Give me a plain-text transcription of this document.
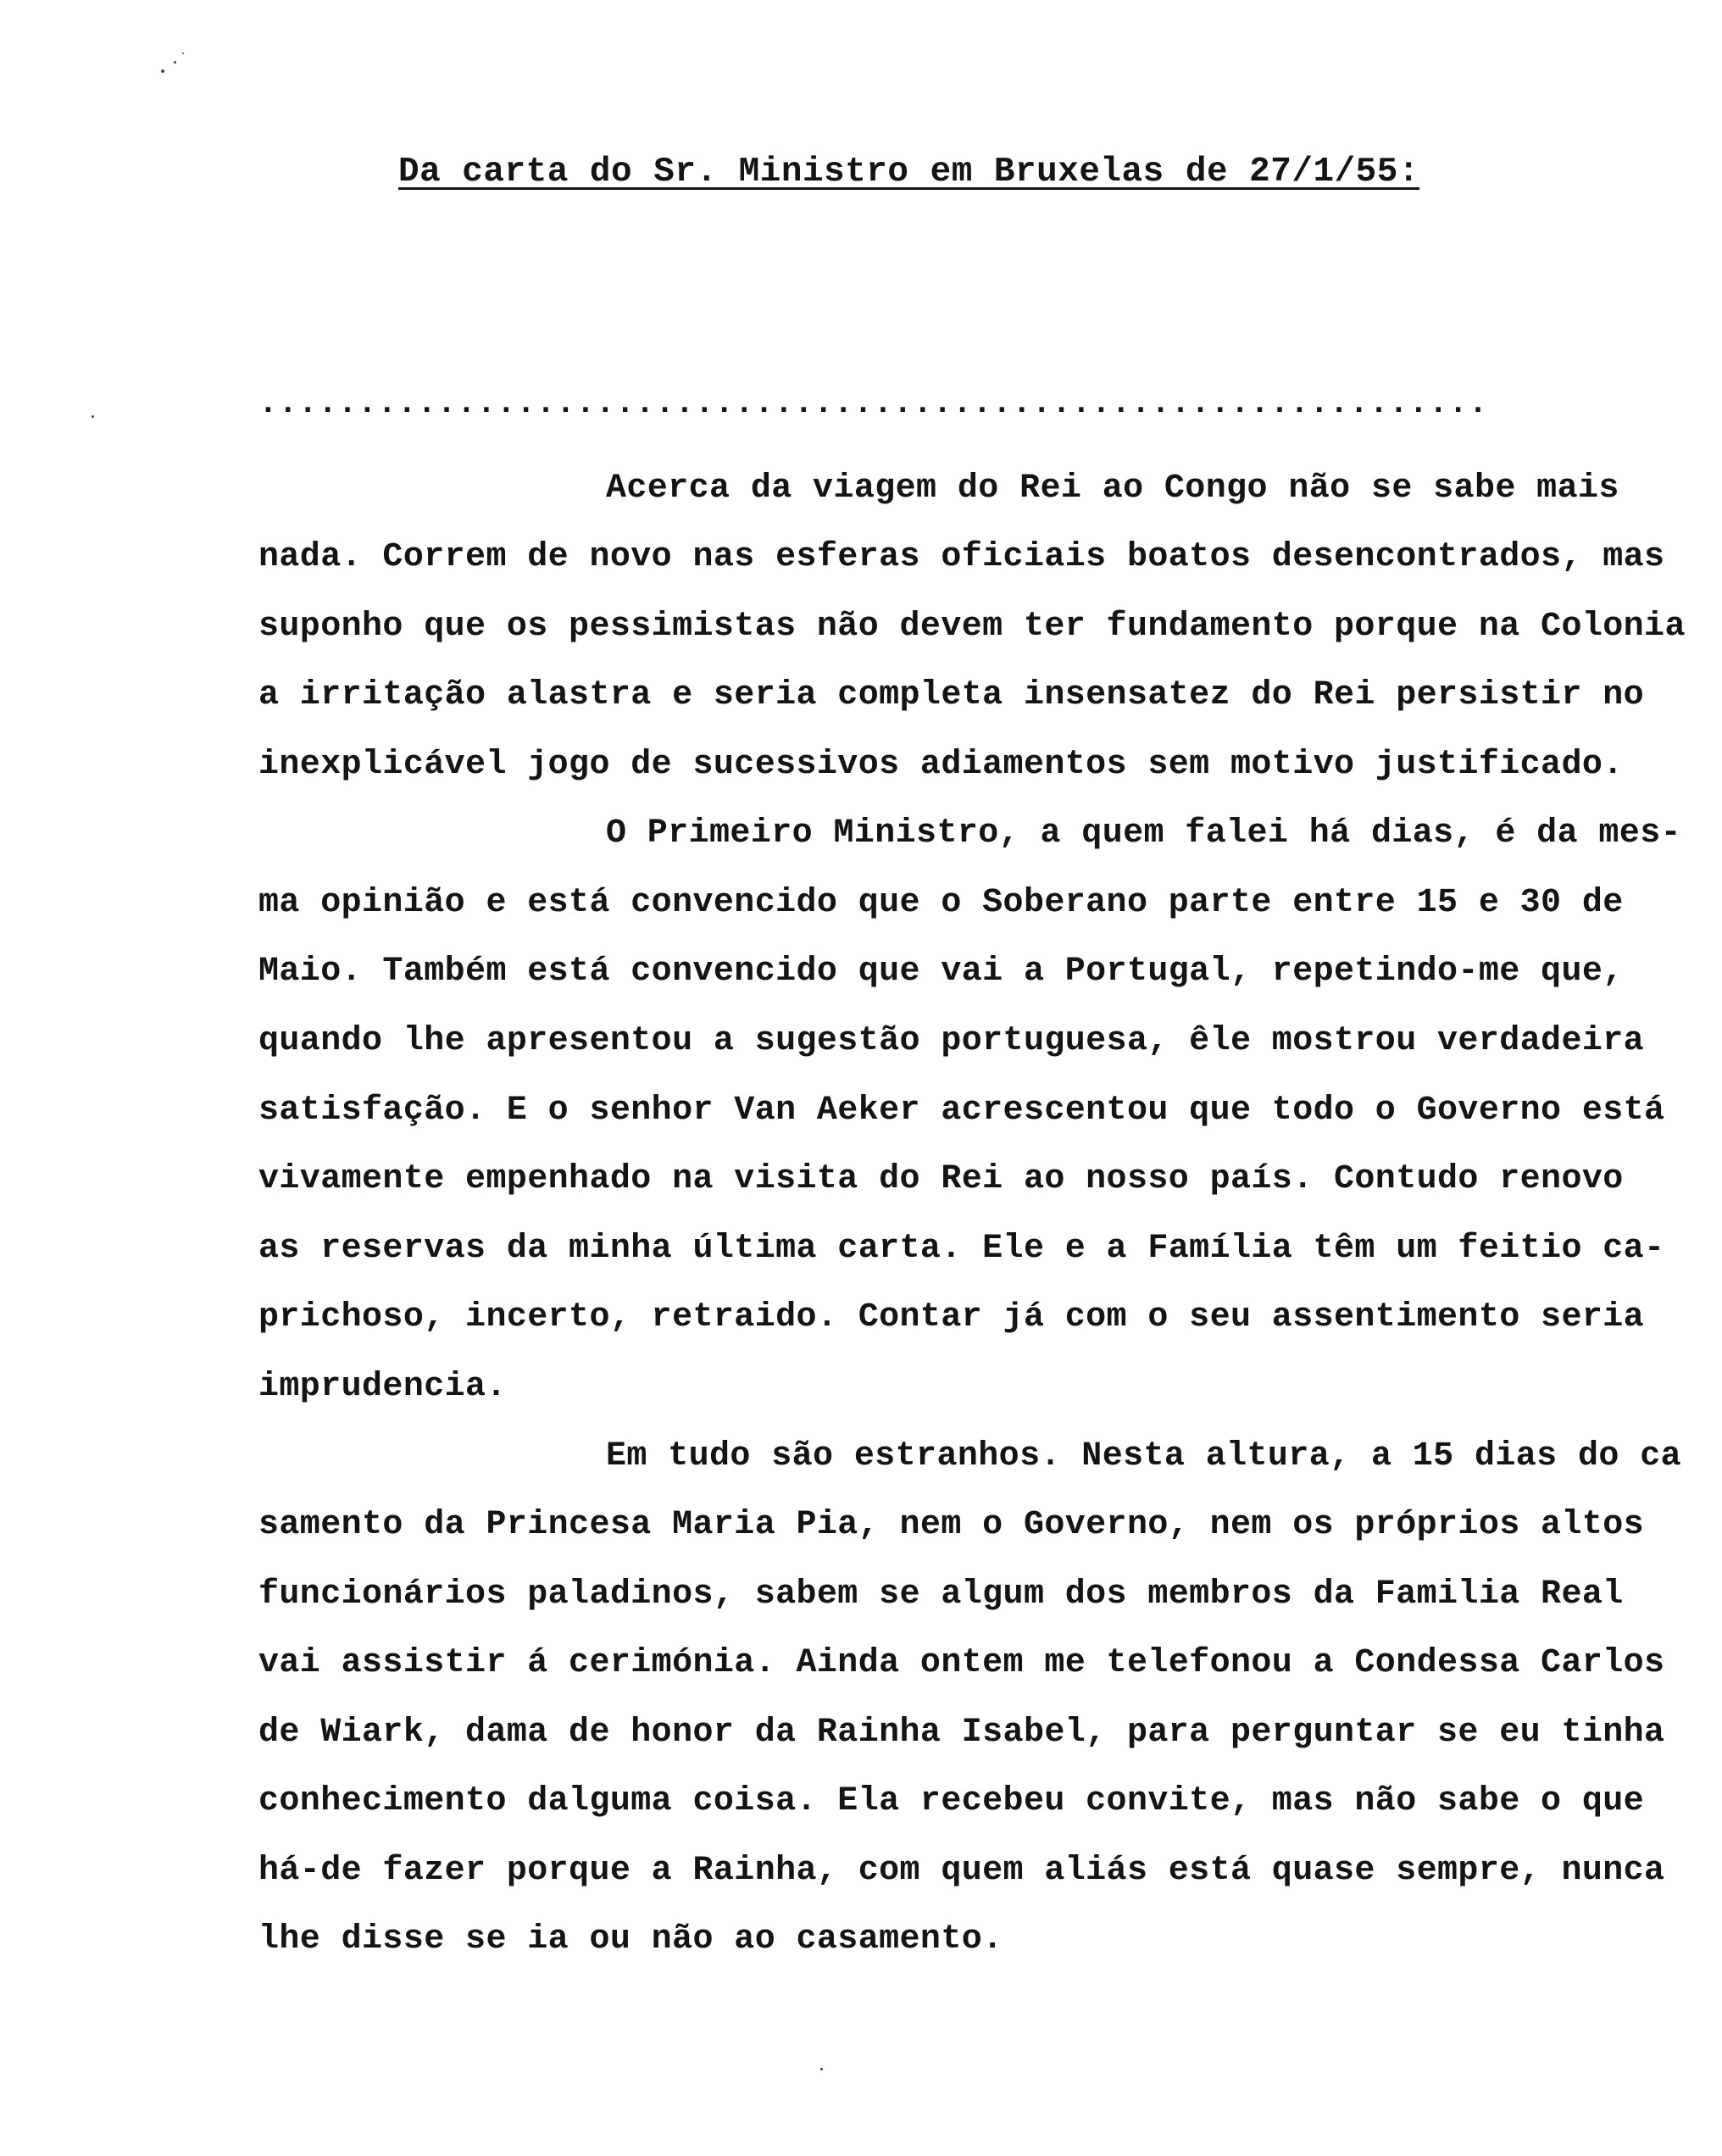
Da carta do Sr. Ministro em Bruxelas de 27/1/55:
..............................................................
Acerca da viagem do Rei ao Congo não se sabe mais
nada. Correm de novo nas esferas oficiais boatos desencontrados, mas
suponho que os pessimistas não devem ter fundamento porque na Colonia
a irritação alastra e seria completa insensatez do Rei persistir no
inexplicável jogo de sucessivos adiamentos sem motivo justificado.
O Primeiro Ministro, a quem falei há dias, é da mes-
ma opinião e está convencido que o Soberano parte entre 15 e 30 de
Maio. Também está convencido que vai a Portugal, repetindo-me que,
quando lhe apresentou a sugestão portuguesa, êle mostrou verdadeira
satisfação. E o senhor Van Aeker acrescentou que todo o Governo está
vivamente empenhado na visita do Rei ao nosso país. Contudo renovo
as reservas da minha última carta. Ele e a Família têm um feitio ca-
prichoso, incerto, retraido. Contar já com o seu assentimento seria
imprudencia.
Em tudo são estranhos. Nesta altura, a 15 dias do ca
samento da Princesa Maria Pia, nem o Governo, nem os próprios altos
funcionários paladinos, sabem se algum dos membros da Familia Real
vai assistir á cerimónia. Ainda ontem me telefonou a Condessa Carlos
de Wiark, dama de honor da Rainha Isabel, para perguntar se eu tinha
conhecimento dalguma coisa. Ela recebeu convite, mas não sabe o que
há-de fazer porque a Rainha, com quem aliás está quase sempre, nunca
lhe disse se ia ou não ao casamento.
